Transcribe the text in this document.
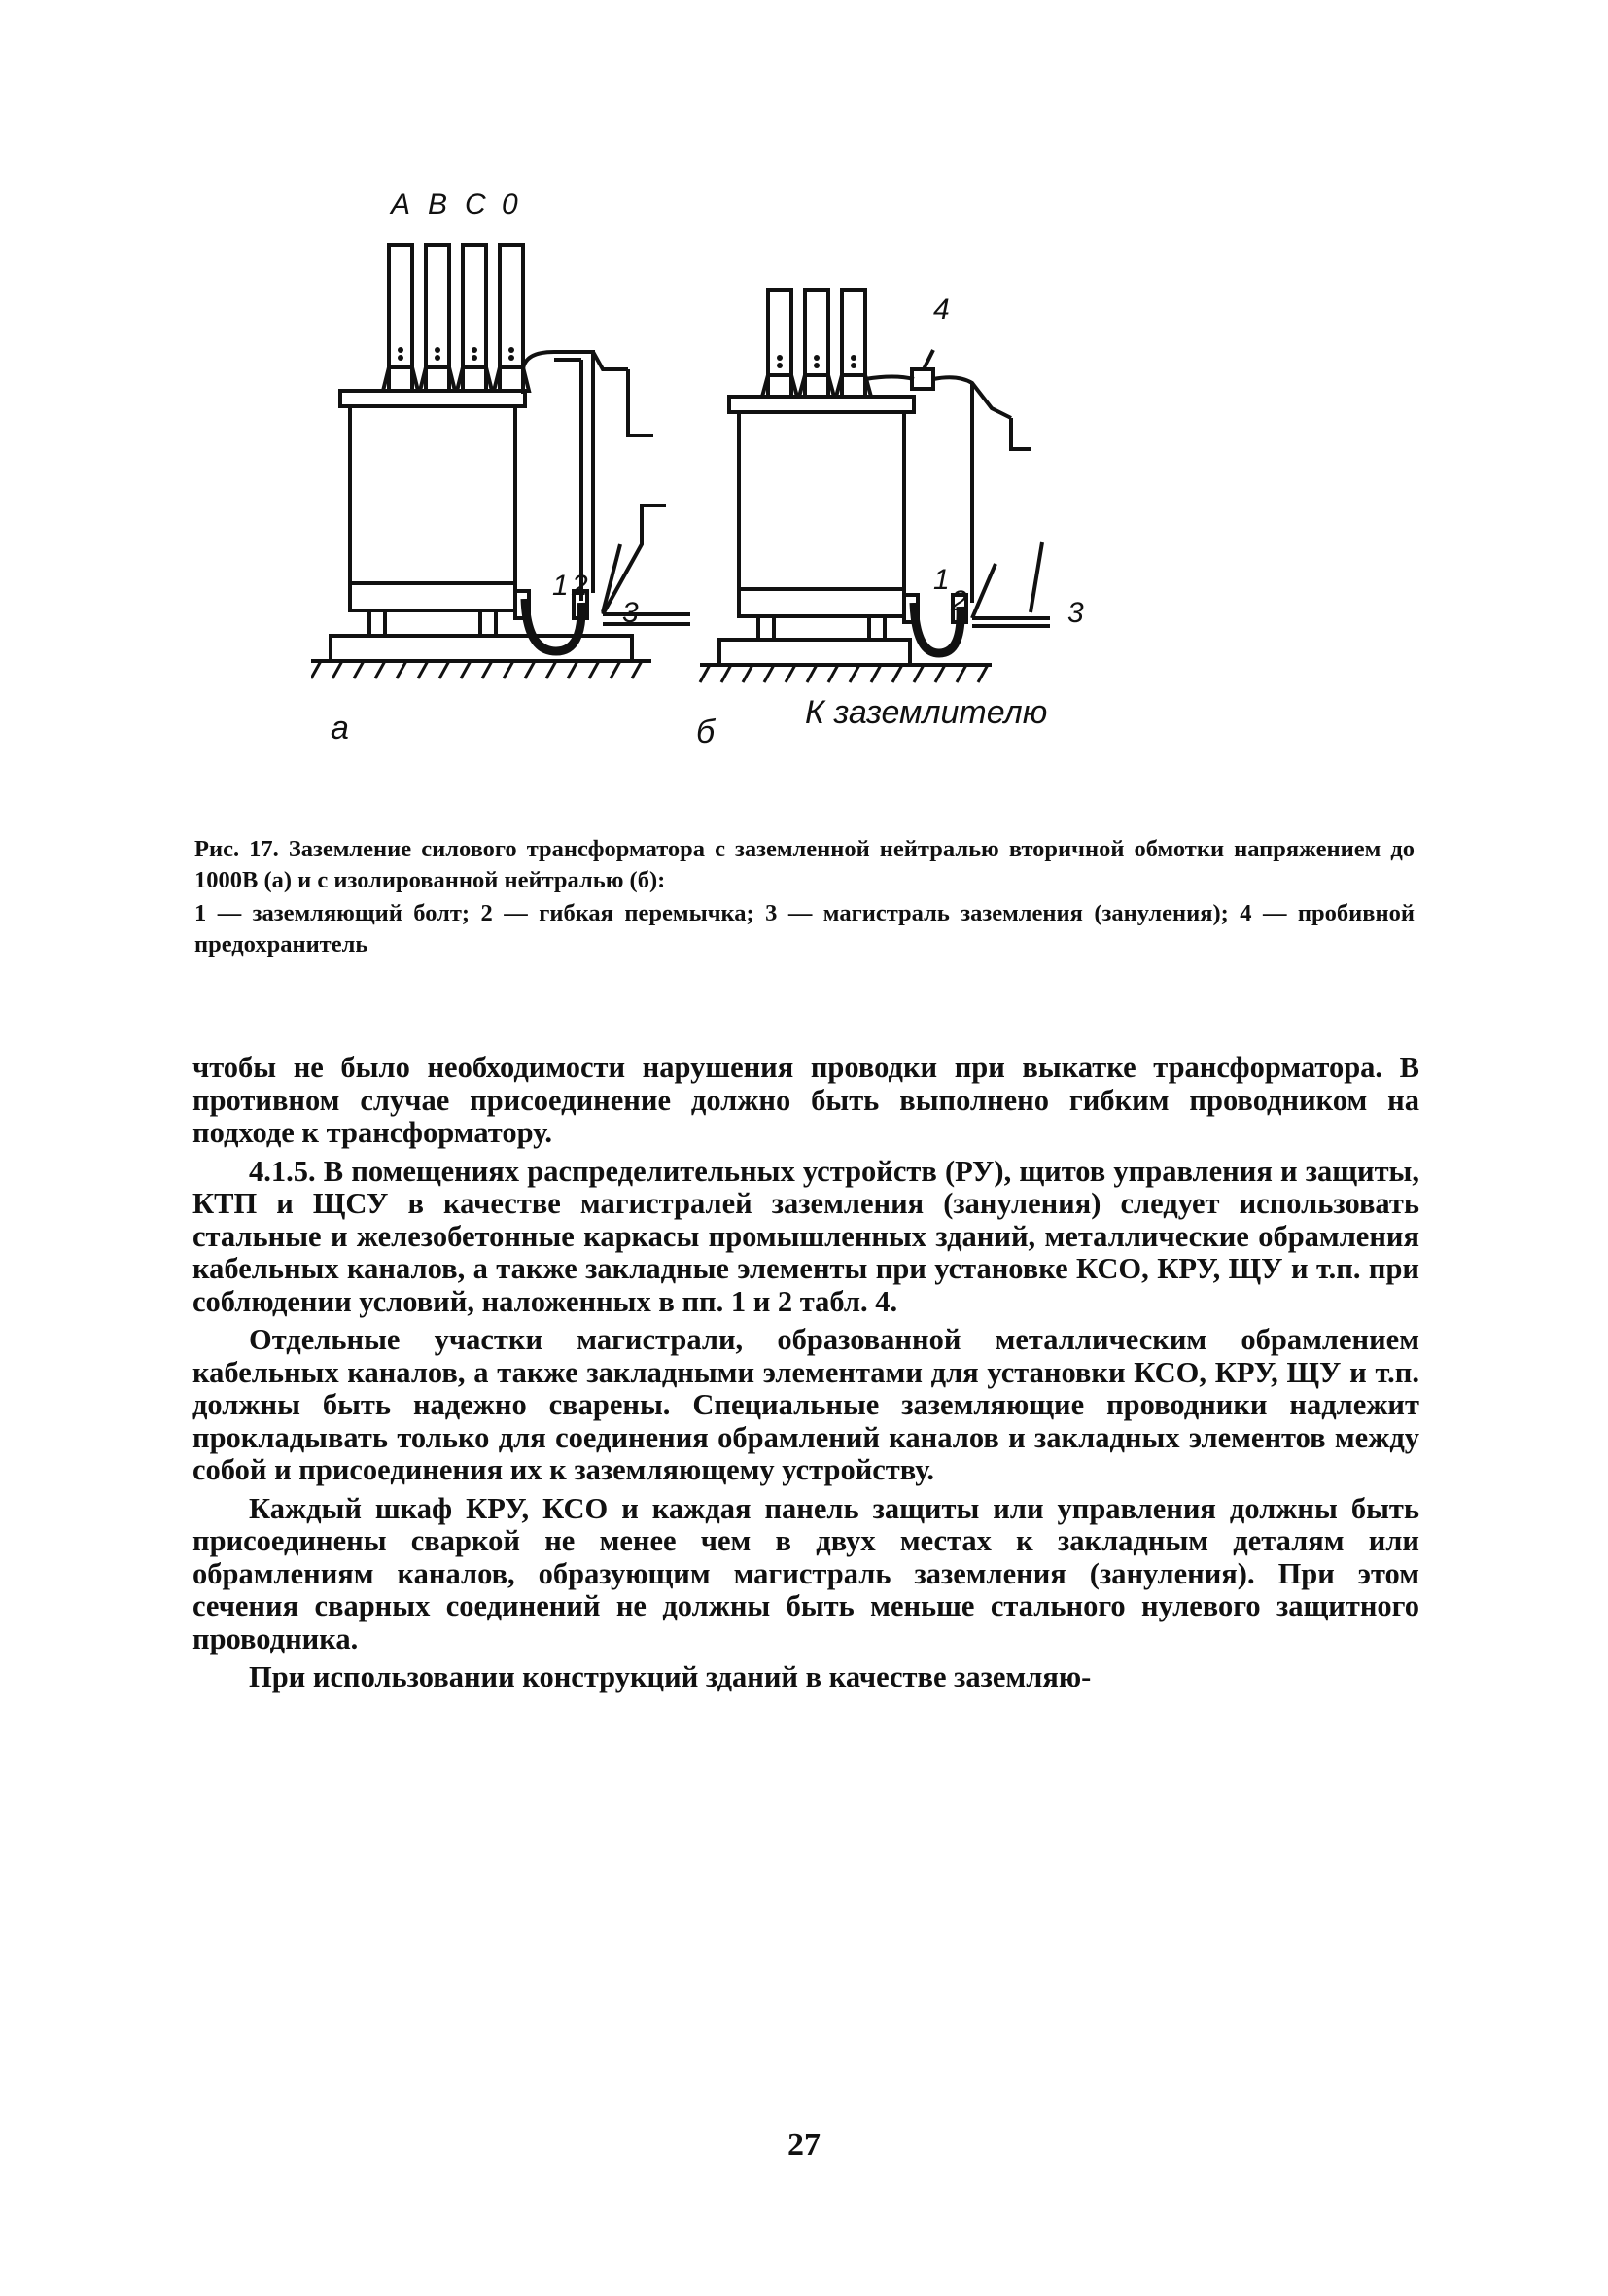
A B C 0
1 2
3
1
2	3
4
а	б
К заземлителю
Рис. 17. Заземление силового трансформатора с заземленной нейтралью вторичной обмотки напряжением до 1000В (а) и с изолированной нейтралью (б):
1 — заземляющий болт; 2 — гибкая перемычка; 3 — магистраль заземления (зануления); 4 — пробивной предохранитель

чтобы не было необходимости нарушения проводки при выкатке трансформатора. В противном случае присоединение должно быть выполнено гибким проводником на подходе к трансформатору.

4.1.5. В помещениях распределительных устройств (РУ), щитов управления и защиты, КТП и ЩСУ в качестве магистралей заземления (зануления) следует использовать стальные и железобетонные каркасы промышленных зданий, металлические обрамления кабельных каналов, а также закладные элементы при установке КСО, КРУ, ЩУ и т.п. при соблюдении условий, наложенных в пп. 1 и 2 табл. 4.

Отдельные участки магистрали, образованной металлическим обрамлением кабельных каналов, а также закладными элементами для установки КСО, КРУ, ЩУ и т.п. должны быть надежно сварены. Специальные заземляющие проводники надлежит прокладывать только для соединения обрамлений каналов и закладных элементов между собой и присоединения их к заземляющему устройству.

Каждый шкаф КРУ, КСО и каждая панель защиты или управления должны быть присоединены сваркой не менее чем в двух местах к закладным деталям или обрамлениям каналов, образующим магистраль заземления (зануления). При этом сечения сварных соединений не должны быть меньше стального нулевого защитного проводника.

При использовании конструкций зданий в качестве заземляю-

27
